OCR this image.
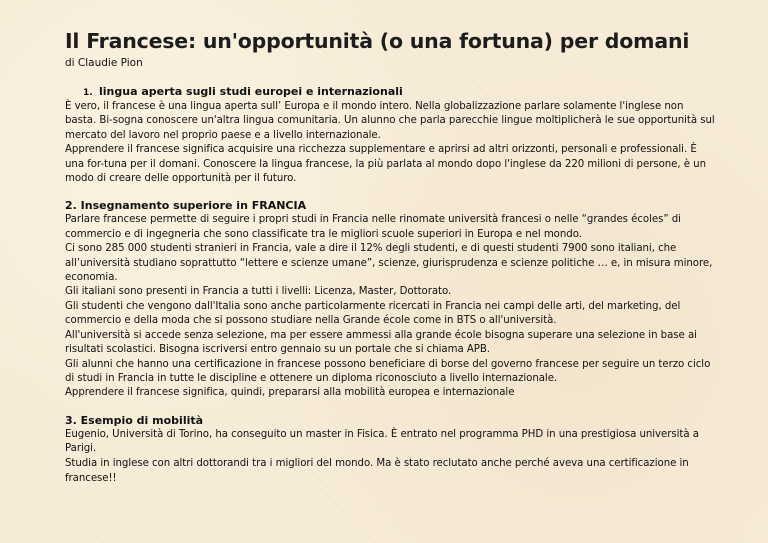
Il Francese: un'opportunità (o una fortuna) per domani

di Claudie Pion

1. lingua aperta sugli studi europei e internazionali

È vero, il francese è una lingua aperta sull’ Europa e il mondo intero. Nella globalizzazione parlare solamente l'inglese non
basta. Bi-sogna conoscere un'altra lingua comunitaria. Un alunno che parla parecchie lingue moltiplicherà le sue opportunità sul
mercato del lavoro nel proprio paese e a livello internazionale.
Apprendere il francese significa acquisire una ricchezza supplementare e aprirsi ad altri orizzonti, personali e professionali. È
una for-tuna per il domani. Conoscere la lingua francese, la più parlata al mondo dopo l'inglese da 220 milioni di persone, è un
modo di creare delle opportunità per il futuro.

2. Insegnamento superiore in FRANCIA

Parlare francese permette di seguire i propri studi in Francia nelle rinomate università francesi o nelle “grandes écoles” di
commercio e di ingegneria che sono classificate tra le migliori scuole superiori in Europa e nel mondo.
Ci sono 285 000 studenti stranieri in Francia, vale a dire il 12% degli studenti, e di questi studenti 7900 sono italiani, che
all’università studiano soprattutto “lettere e scienze umane”, scienze, giurisprudenza e scienze politiche … e, in misura minore,
economia.
Gli italiani sono presenti in Francia a tutti i livelli: Licenza, Master, Dottorato.
Gli studenti che vengono dall'Italia sono anche particolarmente ricercati in Francia nei campi delle arti, del marketing, del
commercio e della moda che si possono studiare nella Grande école come in BTS o all'università.
All'università si accede senza selezione, ma per essere ammessi alla grande école bisogna superare una selezione in base ai
risultati scolastici. Bisogna iscriversi entro gennaio su un portale che si chiama APB.
Gli alunni che hanno una certificazione in francese possono beneficiare di borse del governo francese per seguire un terzo ciclo
di studi in Francia in tutte le discipline e ottenere un diploma riconosciuto a livello internazionale.
Apprendere il francese significa, quindi, prepararsi alla mobilità europea e internazionale

3. Esempio di mobilità

Eugenio, Università di Torino, ha conseguito un master in Fisica. È entrato nel programma PHD in una prestigiosa università a
Parigi.
Studia in inglese con altri dottorandi tra i migliori del mondo. Ma è stato reclutato anche perché aveva una certificazione in
francese!!
